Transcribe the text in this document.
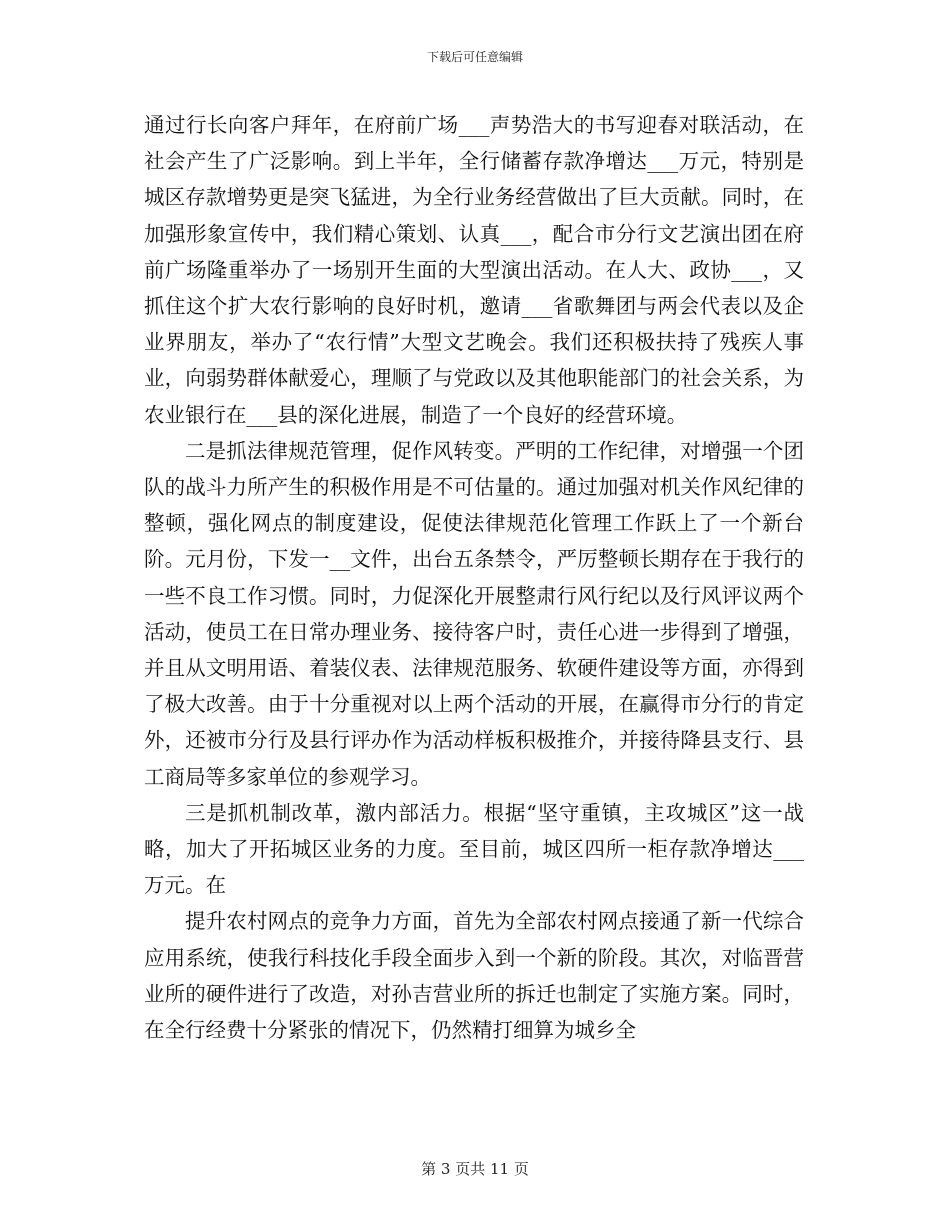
下载后可任意编辑

通过行长向客户拜年，在府前广场___声势浩大的书写迎春对联活动，在社会产生了广泛影响。到上半年，全行储蓄存款净增达___万元，特别是城区存款增势更是突飞猛进，为全行业务经营做出了巨大贡献。同时，在加强形象宣传中，我们精心策划、认真___，配合市分行文艺演出团在府前广场隆重举办了一场别开生面的大型演出活动。在人大、政协___，又抓住这个扩大农行影响的良好时机，邀请___省歌舞团与两会代表以及企业界朋友，举办了“农行情”大型文艺晚会。我们还积极扶持了残疾人事业，向弱势群体献爱心，理顺了与党政以及其他职能部门的社会关系，为农业银行在___县的深化进展，制造了一个良好的经营环境。

二是抓法律规范管理，促作风转变。严明的工作纪律，对增强一个团队的战斗力所产生的积极作用是不可估量的。通过加强对机关作风纪律的整顿，强化网点的制度建设，促使法律规范化管理工作跃上了一个新台阶。元月份，下发一__文件，出台五条禁令，严厉整顿长期存在于我行的一些不良工作习惯。同时，力促深化开展整肃行风行纪以及行风评议两个活动，使员工在日常办理业务、接待客户时，责任心进一步得到了增强，并且从文明用语、着装仪表、法律规范服务、软硬件建设等方面，亦得到了极大改善。由于十分重视对以上两个活动的开展，在赢得市分行的肯定外，还被市分行及县行评办作为活动样板积极推介，并接待降县支行、县工商局等多家单位的参观学习。

三是抓机制改革，激内部活力。根据“坚守重镇，主攻城区”这一战略，加大了开拓城区业务的力度。至目前，城区四所一柜存款净增达___万元。在

提升农村网点的竞争力方面，首先为全部农村网点接通了新一代综合应用系统，使我行科技化手段全面步入到一个新的阶段。其次，对临晋营业所的硬件进行了改造，对孙吉营业所的拆迁也制定了实施方案。同时，在全行经费十分紧张的情况下，仍然精打细算为城乡全

第 3 页共 11 页
